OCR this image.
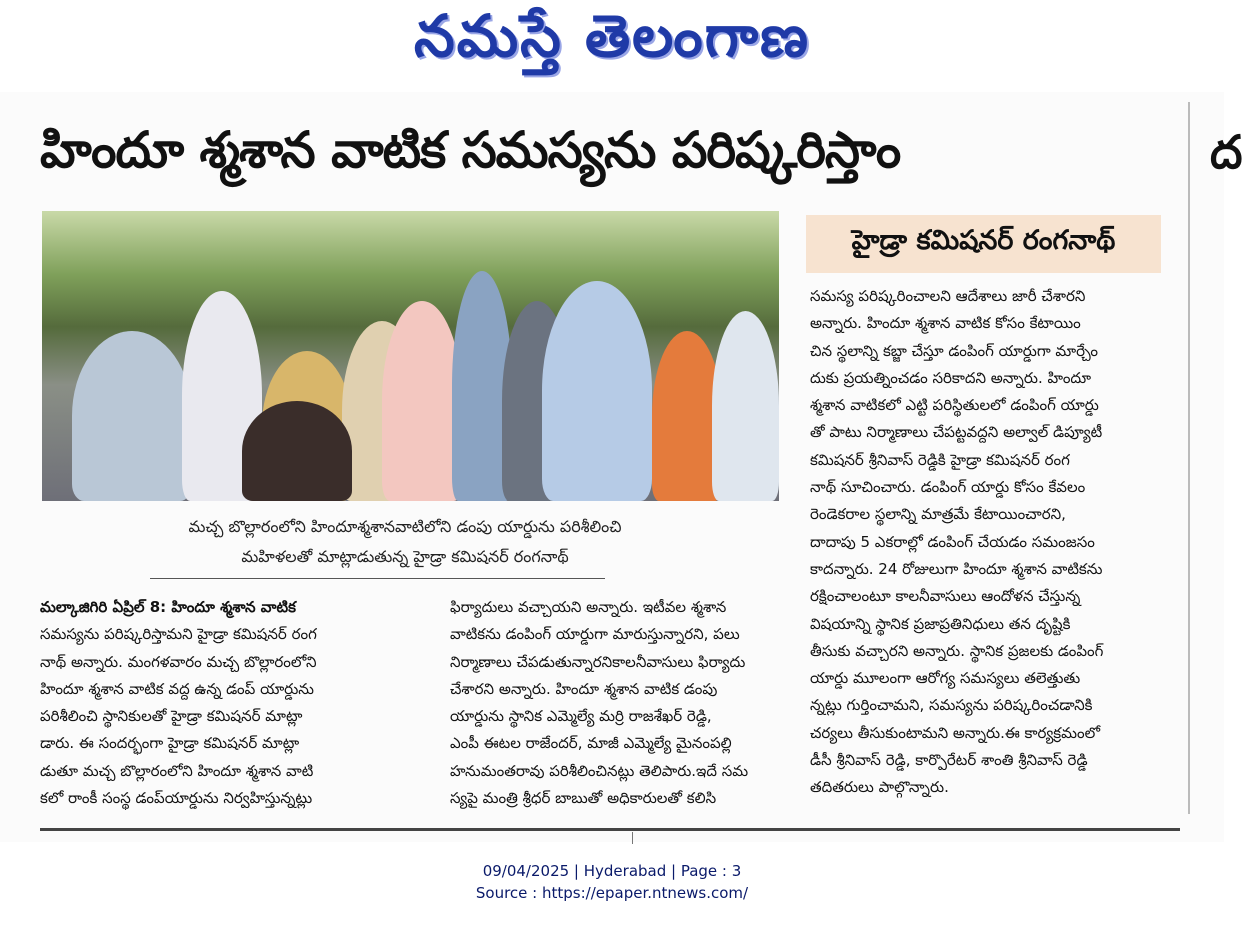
నమస్తే తెలంగాణ
హిందూ శ్మశాన వాటిక సమస్యను పరిష్కరిస్తాం	ద
హైడ్రా కమిషనర్ రంగనాథ్
మచ్చ బొల్లారంలోని హిందూశ్మశానవాటిలోని డంపు యార్డును పరిశీలించి
మహిళలతో మాట్లాడుతున్న హైడ్రా కమిషనర్ రంగనాథ్

మల్కాజిగిరి ఏప్రిల్ 8: హిందూ శ్మశాన వాటిక

సమస్యను పరిష్కరిస్తామని హైడ్రా కమిషనర్ రంగ

నాథ్ అన్నారు. మంగళవారం మచ్చ బొల్లారంలోని

హిందూ శ్మశాన వాటిక వద్ద ఉన్న డంప్ యార్డును

పరిశీలించి స్థానికులతో హైడ్రా కమిషనర్ మాట్లా

డారు. ఈ సందర్భంగా హైడ్రా కమిషనర్ మాట్లా

డుతూ మచ్చ బొల్లారంలోని హిందూ శ్మశాన వాటి

కలో రాంకీ సంస్థ డంప్‌యార్డును నిర్వహిస్తున్నట్లు

ఫిర్యాదులు వచ్చాయని అన్నారు. ఇటీవల శ్మశాన

వాటికను డంపింగ్ యార్డుగా మారుస్తున్నారని, పలు

నిర్మాణాలు చేపడుతున్నారనికాలనీవాసులు ఫిర్యాదు

చేశారని అన్నారు. హిందూ శ్మశాన వాటిక డంపు

యార్డును స్థానిక ఎమ్మెల్యే మర్రి రాజశేఖర్ రెడ్డి,

ఎంపీ ఈటల రాజేందర్, మాజీ ఎమ్మెల్యే మైనంపల్లి

హనుమంతరావు పరిశీలించినట్లు తెలిపారు.ఇదే సమ

స్యపై మంత్రి శ్రీధర్ బాబుతో అధికారులతో కలిసి

సమస్య పరిష్కరించాలని ఆదేశాలు జారీ చేశారని

అన్నారు. హిందూ శ్మశాన వాటిక కోసం కేటాయిం

చిన స్థలాన్ని కబ్జా చేస్తూ డంపింగ్ యార్డుగా మార్చేం

దుకు ప్రయత్నించడం సరికాదని అన్నారు. హిందూ

శ్మశాన వాటికలో ఎట్టి పరిస్థితులలో డంపింగ్ యార్డు

తో పాటు నిర్మాణాలు చేపట్టవద్దని అల్వాల్ డిప్యూటీ

కమిషనర్ శ్రీనివాస్ రెడ్డికి హైడ్రా కమిషనర్ రంగ

నాథ్ సూచించారు. డంపింగ్ యార్డు కోసం కేవలం

రెండెకరాల స్థలాన్ని మాత్రమే కేటాయించారని,

దాదాపు 5 ఎకరాల్లో డంపింగ్ చేయడం సమంజసం

కాదన్నారు. 24 రోజులుగా హిందూ శ్మశాన వాటికను

రక్షించాలంటూ కాలనీవాసులు ఆందోళన చేస్తున్న

విషయాన్ని స్థానిక ప్రజాప్రతినిధులు తన దృష్టికి

తీసుకు వచ్చారని అన్నారు. స్థానిక ప్రజలకు డంపింగ్

యార్డు మూలంగా ఆరోగ్య సమస్యలు తలెత్తుతు

న్నట్లు గుర్తించామని, సమస్యను పరిష్కరించడానికి

చర్యలు తీసుకుంటామని అన్నారు.ఈ కార్యక్రమంలో

డీసీ శ్రీనివాస్ రెడ్డి, కార్పొరేటర్ శాంతి శ్రీనివాస్ రెడ్డి

తదితరులు పాల్గొన్నారు.

09/04/2025 | Hyderabad | Page : 3
Source : https://epaper.ntnews.com/
